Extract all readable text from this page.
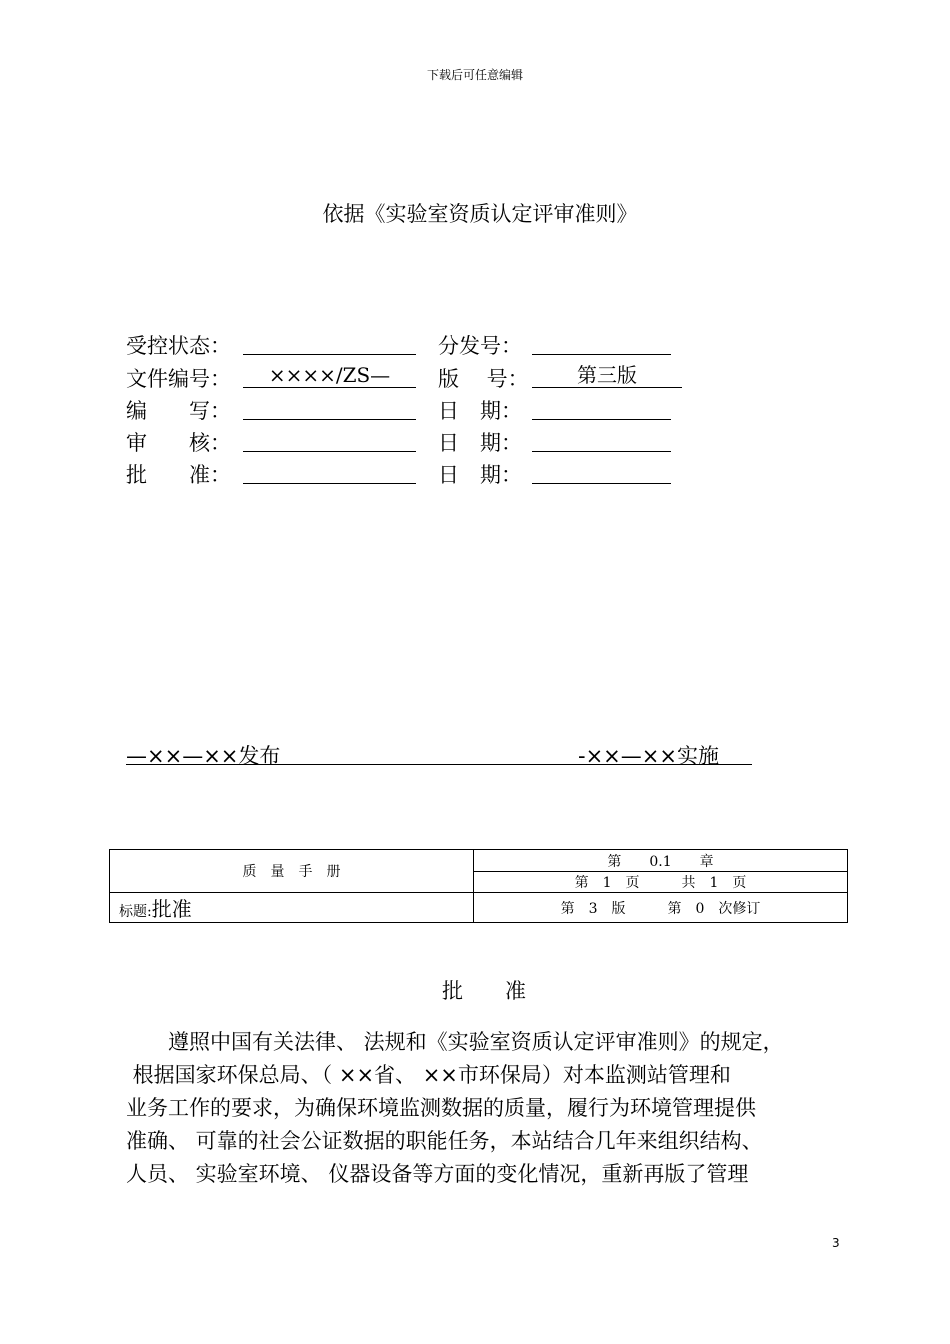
下载后可任意编辑
依据《实验室资质认定评审准则》
受控状态：	分发号：
文件编号：	××××/ZS—	版　 号：	第三版
编　　写：	日　期：
审　　核：	日　期：
批　　准：	日　期：
—××—××发布	-××—××实施
质　量　手　册	第　　0.1　　章
	第　1　页　　　共　1　页
标题:批准	第　3　版　　　第　0　次修订
批　　准
　　遵照中国有关法律、 法规和《实验室资质认定评审准则》的规定，
根据国家环保总局、（ ××省、 ××市环保局）对本监测站管理和
业务工作的要求，为确保环境监测数据的质量，履行为环境管理提供
准确、 可靠的社会公证数据的职能任务，本站结合几年来组织结构、
人员、 实验室环境、 仪器设备等方面的变化情况，重新再版了管理
3
